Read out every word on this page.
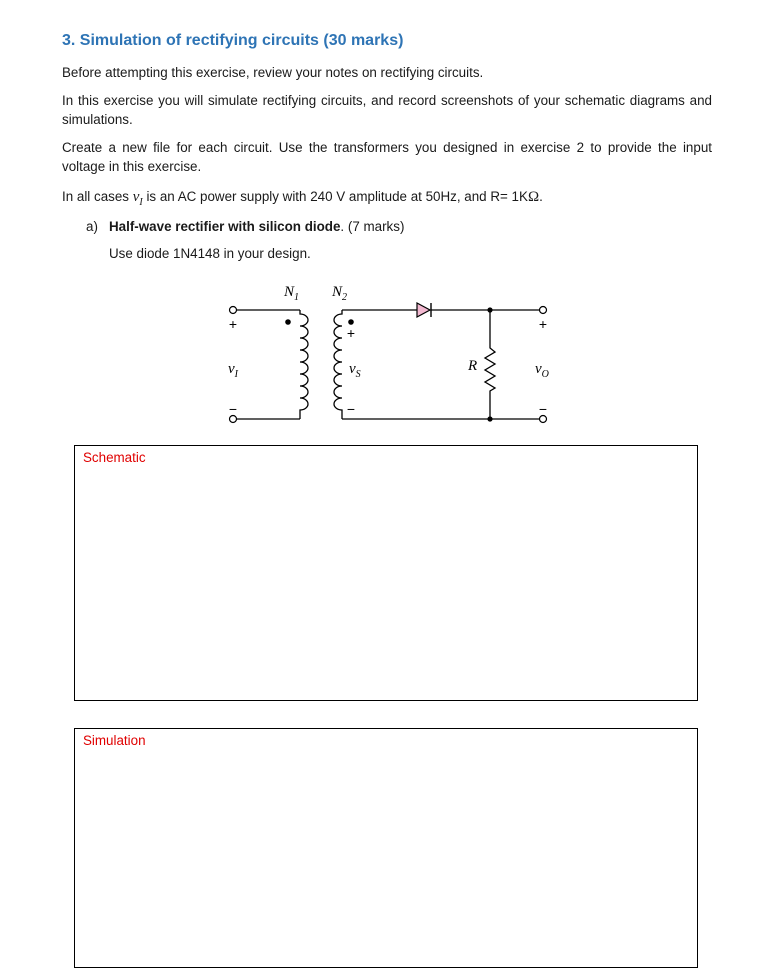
3. Simulation of rectifying circuits (30 marks)

Before attempting this exercise, review your notes on rectifying circuits.

In this exercise you will simulate rectifying circuits, and record screenshots of your schematic diagrams and simulations.

Create a new file for each circuit. Use the transformers you designed in exercise 2 to provide the input voltage in this exercise.

In all cases $v_I$ is an AC power supply with 240 V amplitude at 50Hz, and R= 1KΩ.

a) Half-wave rectifier with silicon diode. (7 marks)
Use diode 1N4148 in your design.
$N_1$ $N_2$
+
−
$v_I$
+
−
$v_S$
R
+
−
$v_O$
Schematic
Simulation
